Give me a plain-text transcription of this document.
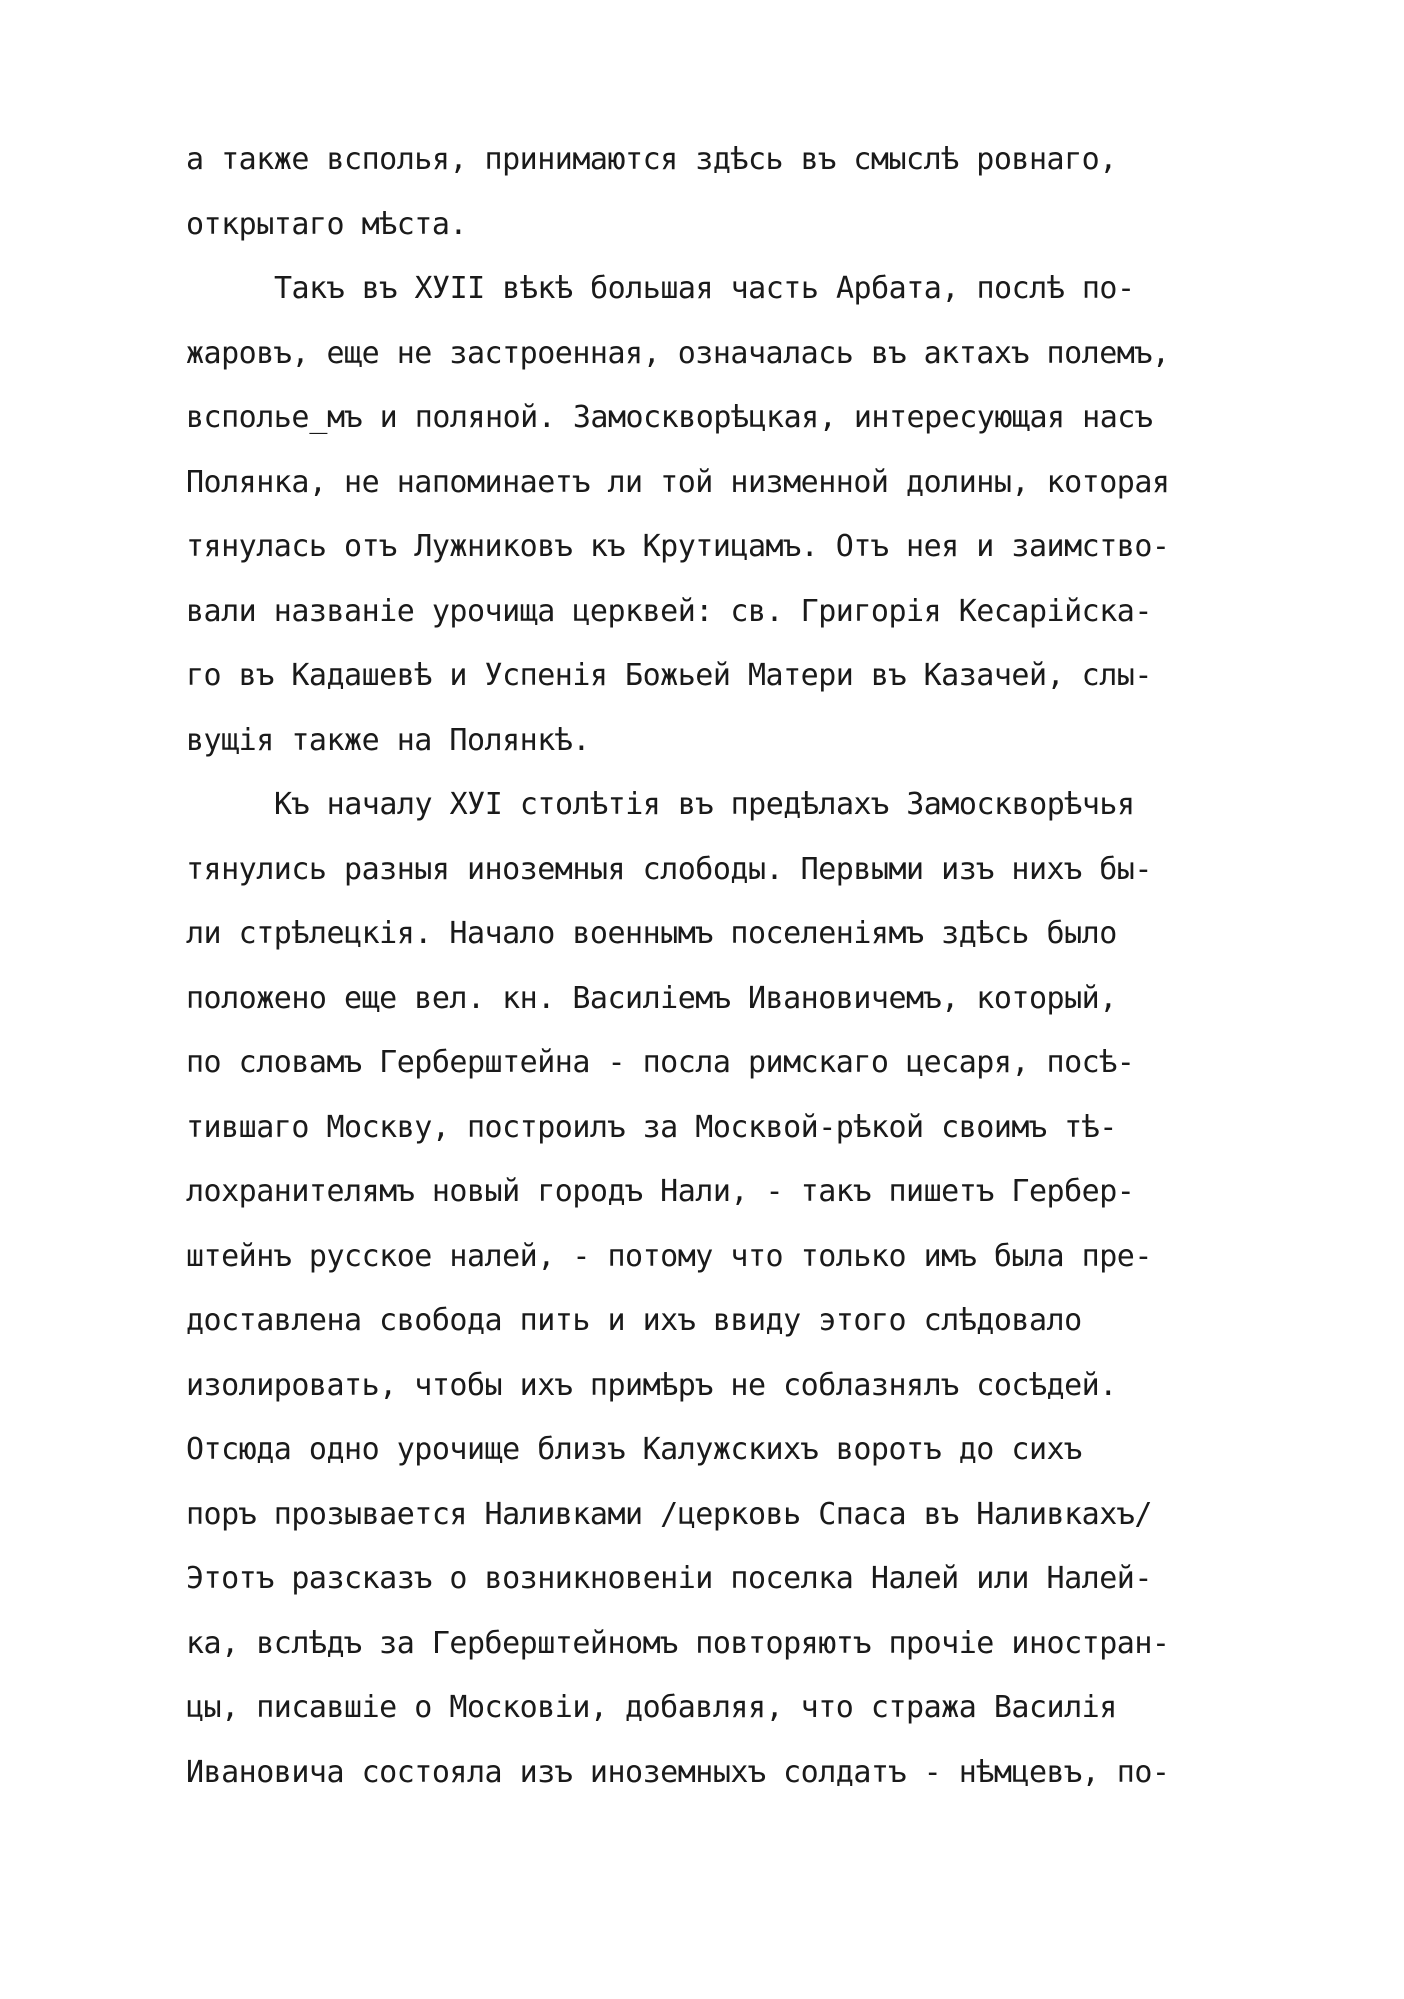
а также всполья, принимаются здѣсь въ смыслѣ ровнаго,
открытаго мѣста.
Такъ въ XУII вѣкѣ большая часть Арбата, послѣ по-
жаровъ, еще не застроенная, означалась въ актахъ полемъ,
всполье̲мъ и поляной. Замоскворѣцкая, интересующая насъ
Полянка, не напоминаетъ ли той низменной долины, которая
тянулась отъ Лужниковъ къ Крутицамъ. Отъ нея и заимство-
вали названiе урочища церквей: св. Григорiя Кесарiйска-
го въ Кадашевѣ и Успенiя Божьей Матери въ Казачей, слы-
вущiя также на Полянкѣ.
Къ началу XУI столѣтiя въ предѣлахъ Замоскворѣчья
тянулись разныя иноземныя слободы. Первыми изъ нихъ бы-
ли стрѣлецкiя. Начало военнымъ поселенiямъ здѣсь было
положено еще вел. кн. Василiемъ Ивановичемъ, который,
по словамъ Герберштейна - посла римскаго цесаря, посѣ-
тившаго Москву, построилъ за Москвой-рѣкой своимъ тѣ-
лохранителямъ новый городъ Нали, - такъ пишетъ Гербер-
штейнъ русское налей, - потому что только имъ была пре-
доставлена свобода пить и ихъ ввиду этого слѣдовало
изолировать, чтобы ихъ примѣръ не соблазнялъ сосѣдей.
Отсюда одно урочище близъ Калужскихъ воротъ до сихъ
поръ прозывается Наливками /церковь Спаса въ Наливкахъ/
Этотъ разсказъ о возникновенiи поселка Налей или Налей-
ка, вслѣдъ за Герберштейномъ повторяютъ прочiе иностран-
цы, писавшiе о Московiи, добавляя, что стража Василiя
Ивановича состояла изъ иноземныхъ солдатъ - нѣмцевъ, по-
